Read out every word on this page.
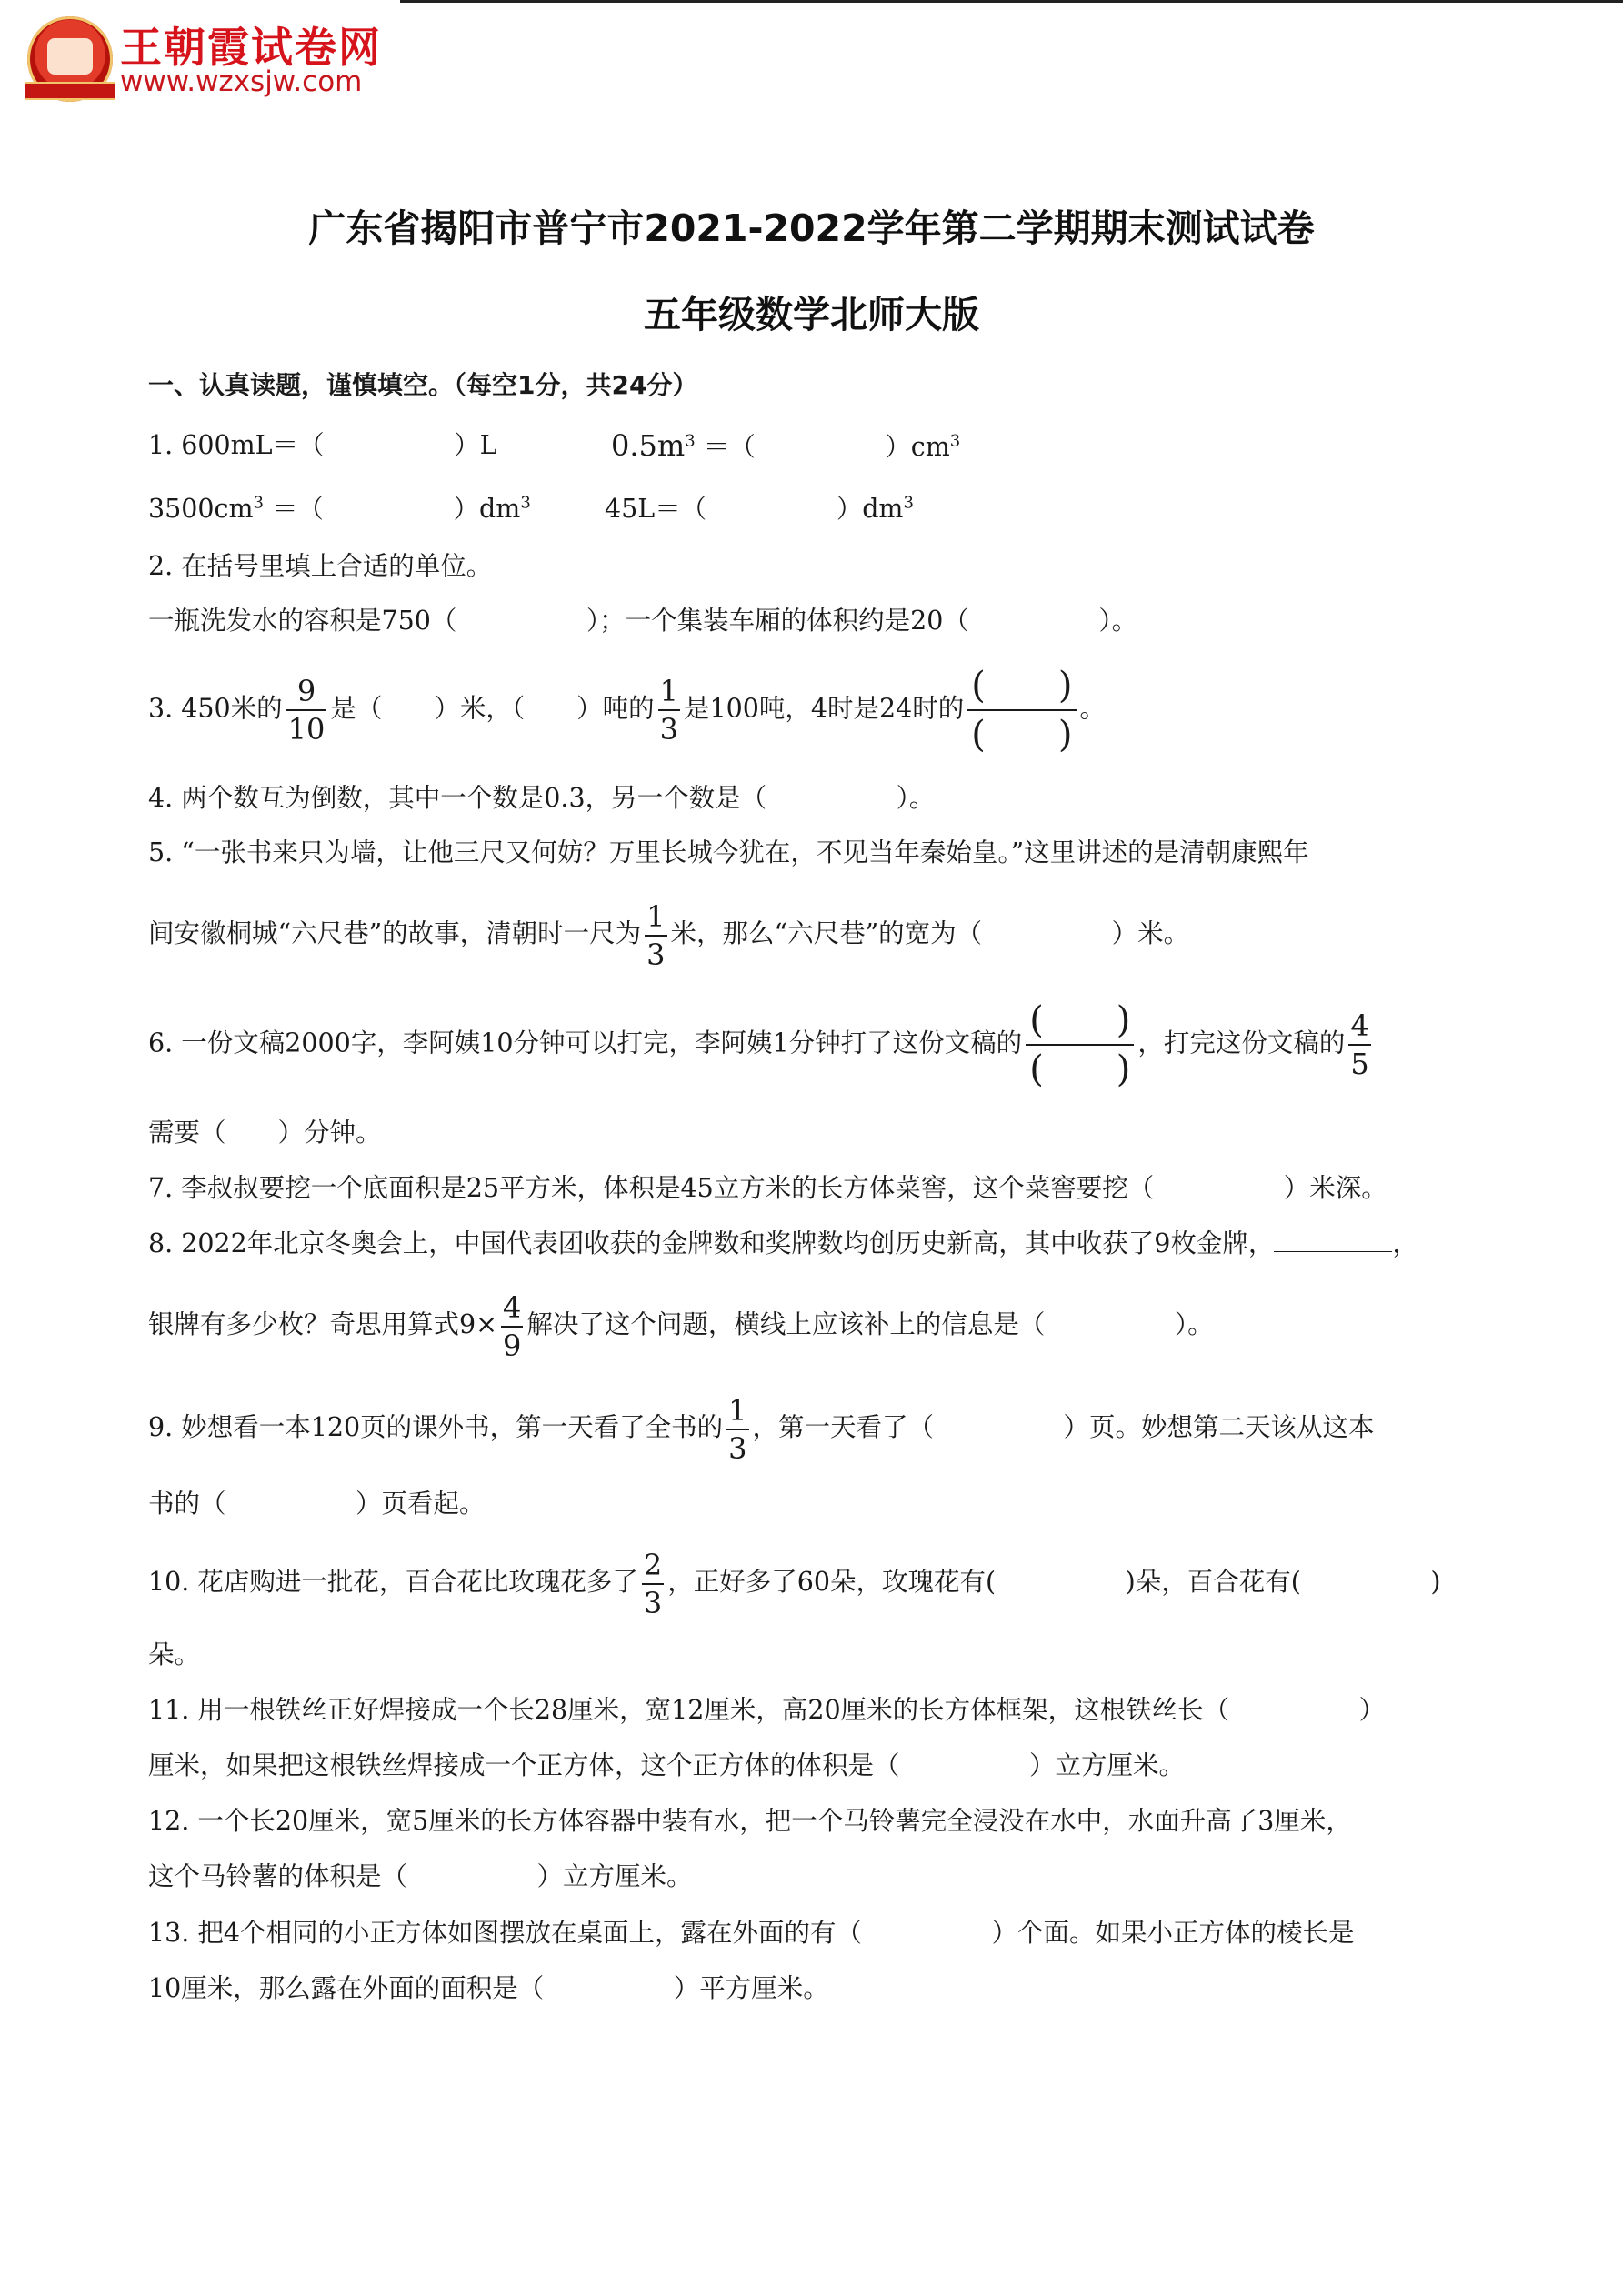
王朝霞试卷网
www.wzxsjw.com
广东省揭阳市普宁市2021-2022学年第二学期期末测试试卷
五年级数学北师大版
一、认真读题，谨慎填空。（每空1分，共24分）
1. 600mL＝（　　　　　）L	$0.5m^3$ ＝（　　　　　）$cm^3$
$3500cm^3$ ＝（　　　　　）$dm^3$	45L＝（　　　　　）$dm^3$
2. 在括号里填上合适的单位。
一瓶洗发水的容积是750（　　　　　）；一个集装车厢的体积约是20（　　　　　）。
3. 450米的 $\frac{9}{10}$ 是（　　）米，（　　）吨的 $\frac{1}{3}$ 是100吨，4时是24时的
(　　)
(　　)
。
4. 两个数互为倒数，其中一个数是0.3，另一个数是（　　　　　）。
5. “一张书来只为墙，让他三尺又何妨？万里长城今犹在，不见当年秦始皇。”这里讲述的是清朝康熙年
间安徽桐城“六尺巷”的故事，清朝时一尺为 $\frac{1}{3}$ 米，那么“六尺巷”的宽为（　　　　　）米。
6. 一份文稿2000字，李阿姨10分钟可以打完，李阿姨1分钟打了这份文稿的
(　　)
(　　)
，打完这份文稿的 $\frac{4}{5}$
需要（　　）分钟。
7. 李叔叔要挖一个底面积是25平方米，体积是45立方米的长方体菜窖，这个菜窖要挖（　　　　　）米深。
8. 2022年北京冬奥会上，中国代表团收获的金牌数和奖牌数均创历史新高，其中收获了9枚金牌，	，
银牌有多少枚？奇思用算式$9\times \frac{4}{9}$ 解决了这个问题，横线上应该补上的信息是（　　　　　）。
9. 妙想看一本120页的课外书，第一天看了全书的 $\frac{1}{3}$ ，第一天看了（　　　　　）页。妙想第二天该从这本
书的（　　　　　）页看起。
10. 花店购进一批花，百合花比玫瑰花多了 $\frac{2}{3}$ ，正好多了60朵，玫瑰花有(　　　　　)朵，百合花有(　　　　　)
朵。
11. 用一根铁丝正好焊接成一个长28厘米，宽12厘米，高20厘米的长方体框架，这根铁丝长（　　　　　）
厘米，如果把这根铁丝焊接成一个正方体，这个正方体的体积是（　　　　　）立方厘米。
12. 一个长20厘米，宽5厘米的长方体容器中装有水，把一个马铃薯完全浸没在水中，水面升高了3厘米，
这个马铃薯的体积是（　　　　　）立方厘米。
13. 把4个相同的小正方体如图摆放在桌面上，露在外面的有（　　　　　）个面。如果小正方体的棱长是
10厘米，那么露在外面的面积是（　　　　　）平方厘米。
